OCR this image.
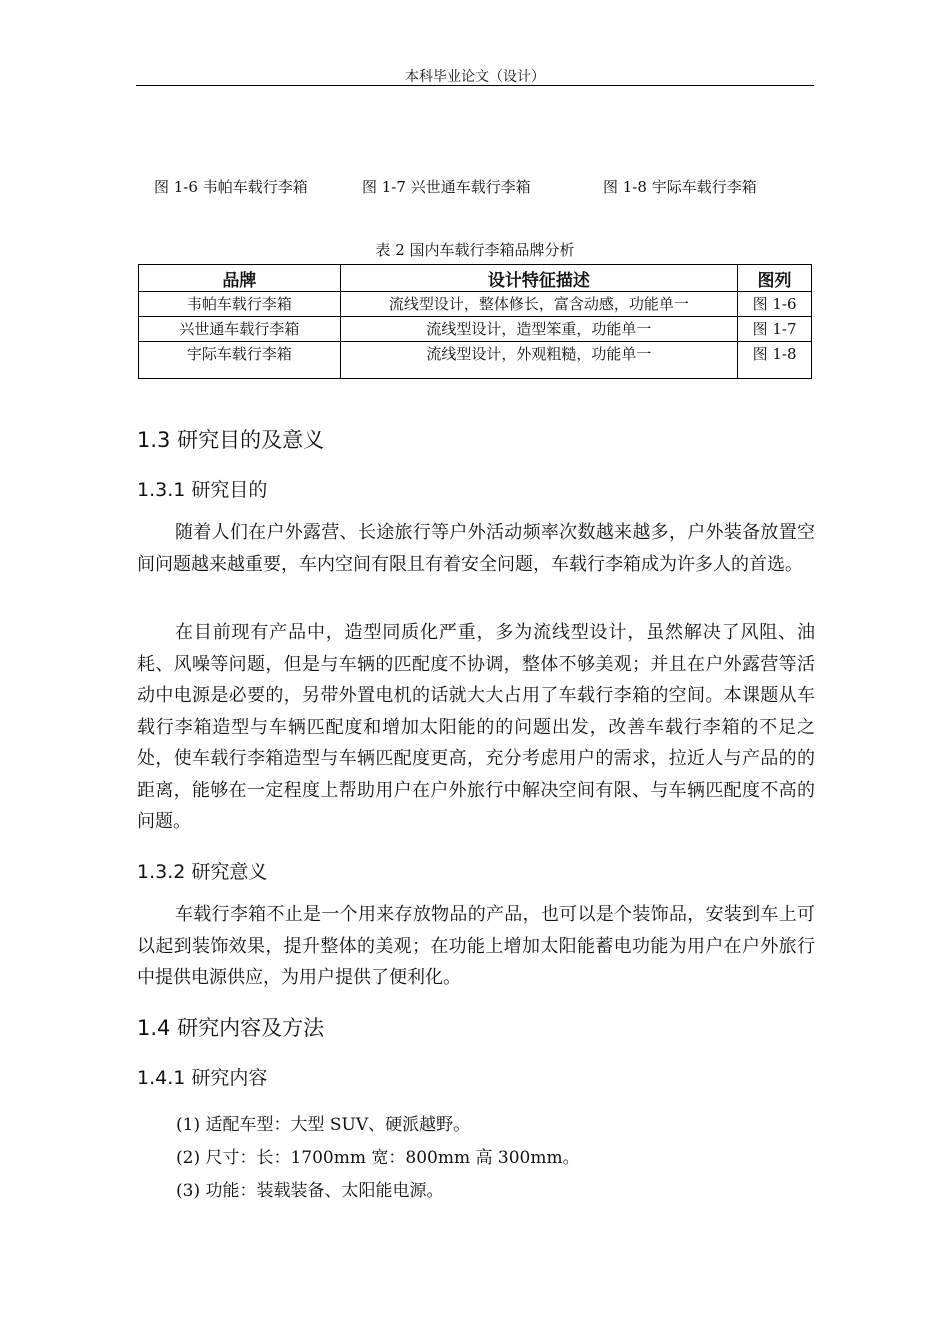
本科毕业论文（设计）
图 1-6 韦帕车载行李箱	图 1-7 兴世通车载行李箱	图 1-8 宇际车载行李箱
表 2 国内车载行李箱品牌分析
品牌	设计特征描述	图列
韦帕车载行李箱	流线型设计，整体修长，富含动感，功能单一	图 1-6
兴世通车载行李箱	流线型设计，造型笨重，功能单一	图 1-7
宇际车载行李箱	流线型设计，外观粗糙，功能单一	图 1-8
1.3 研究目的及意义
1.3.1 研究目的

随着人们在户外露营、长途旅行等户外活动频率次数越来越多，户外装备放置空间问题越来越重要，车内空间有限且有着安全问题，车载行李箱成为许多人的首选。

在目前现有产品中，造型同质化严重，多为流线型设计，虽然解决了风阻、油耗、风噪等问题，但是与车辆的匹配度不协调，整体不够美观；并且在户外露营等活动中电源是必要的，另带外置电机的话就大大占用了车载行李箱的空间。本课题从车载行李箱造型与车辆匹配度和增加太阳能的的问题出发，改善车载行李箱的不足之处，使车载行李箱造型与车辆匹配度更高，充分考虑用户的需求，拉近人与产品的的距离，能够在一定程度上帮助用户在户外旅行中解决空间有限、与车辆匹配度不高的问题。

1.3.2 研究意义

车载行李箱不止是一个用来存放物品的产品，也可以是个装饰品，安装到车上可以起到装饰效果，提升整体的美观；在功能上增加太阳能蓄电功能为用户在户外旅行中提供电源供应，为用户提供了便利化。

1.4 研究内容及方法
1.4.1 研究内容
(1) 适配车型：大型 SUV、硬派越野。
(2) 尺寸：长：1700mm 宽：800mm 高 300mm。
(3) 功能：装载装备、太阳能电源。
